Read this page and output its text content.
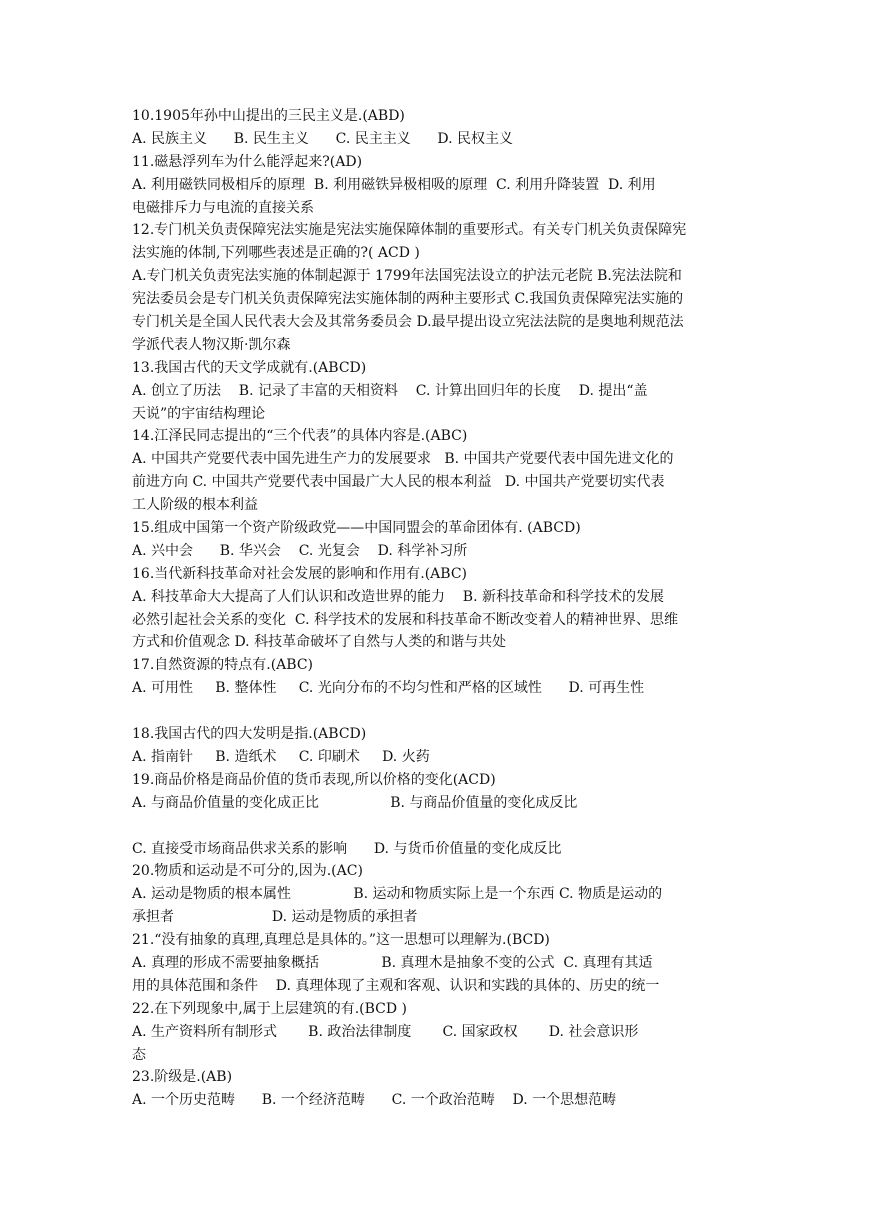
10.1905年孙中山提出的三民主义是.(ABD)
A. 民族主义      B. 民生主义      C. 民主主义      D. 民权主义
11.磁悬浮列车为什么能浮起来?(AD)
A. 利用磁铁同极相斥的原理  B. 利用磁铁异极相吸的原理  C. 利用升降装置  D. 利用
电磁排斥力与电流的直接关系
12.专门机关负责保障宪法实施是宪法实施保障体制的重要形式。有关专门机关负责保障宪
法实施的体制,下列哪些表述是正确的?( ACD )
A.专门机关负责宪法实施的体制起源于 1799年法国宪法设立的护法元老院 B.宪法法院和
宪法委员会是专门机关负责保障宪法实施体制的两种主要形式 C.我国负责保障宪法实施的
专门机关是全国人民代表大会及其常务委员会 D.最早提出设立宪法法院的是奥地利规范法
学派代表人物汉斯·凯尔森
13.我国古代的天文学成就有.(ABCD)
A. 创立了历法    B. 记录了丰富的天相资料    C. 计算出回归年的长度    D. 提出“盖
天说”的宇宙结构理论
14.江泽民同志提出的“三个代表”的具体内容是.(ABC)
A. 中国共产党要代表中国先进生产力的发展要求   B. 中国共产党要代表中国先进文化的
前进方向 C. 中国共产党要代表中国最广大人民的根本利益   D. 中国共产党要切实代表
工人阶级的根本利益
15.组成中国第一个资产阶级政党——中国同盟会的革命团体有. (ABCD)
A. 兴中会      B. 华兴会    C. 光复会    D. 科学补习所
16.当代新科技革命对社会发展的影响和作用有.(ABC)
A. 科技革命大大提高了人们认识和改造世界的能力    B. 新科技革命和科学技术的发展
必然引起社会关系的变化  C. 科学技术的发展和科技革命不断改变着人的精神世界、思维
方式和价值观念 D. 科技革命破坏了自然与人类的和谐与共处
17.自然资源的特点有.(ABC)
A. 可用性     B. 整体性     C. 光向分布的不均匀性和严格的区域性      D. 可再生性
18.我国古代的四大发明是指.(ABCD)
A. 指南针     B. 造纸术     C. 印刷术     D. 火药
19.商品价格是商品价值的货币表现,所以价格的变化(ACD)
A. 与商品价值量的变化成正比                B. 与商品价值量的变化成反比
C. 直接受市场商品供求关系的影响      D. 与货币价值量的变化成反比
20.物质和运动是不可分的,因为.(AC)
A. 运动是物质的根本属性              B. 运动和物质实际上是一个东西 C. 物质是运动的
承担者                      D. 运动是物质的承担者
21.“没有抽象的真理,真理总是具体的。”这一思想可以理解为.(BCD)
A. 真理的形成不需要抽象概括              B. 真理木是抽象不变的公式  C. 真理有其适
用的具体范围和条件    D. 真理体现了主观和客观、认识和实践的具体的、历史的统一
22.在下列现象中,属于上层建筑的有.(BCD )
A. 生产资料所有制形式       B. 政治法律制度       C. 国家政权       D. 社会意识形
态
23.阶级是.(AB)
A. 一个历史范畴      B. 一个经济范畴      C. 一个政治范畴    D. 一个思想范畴
